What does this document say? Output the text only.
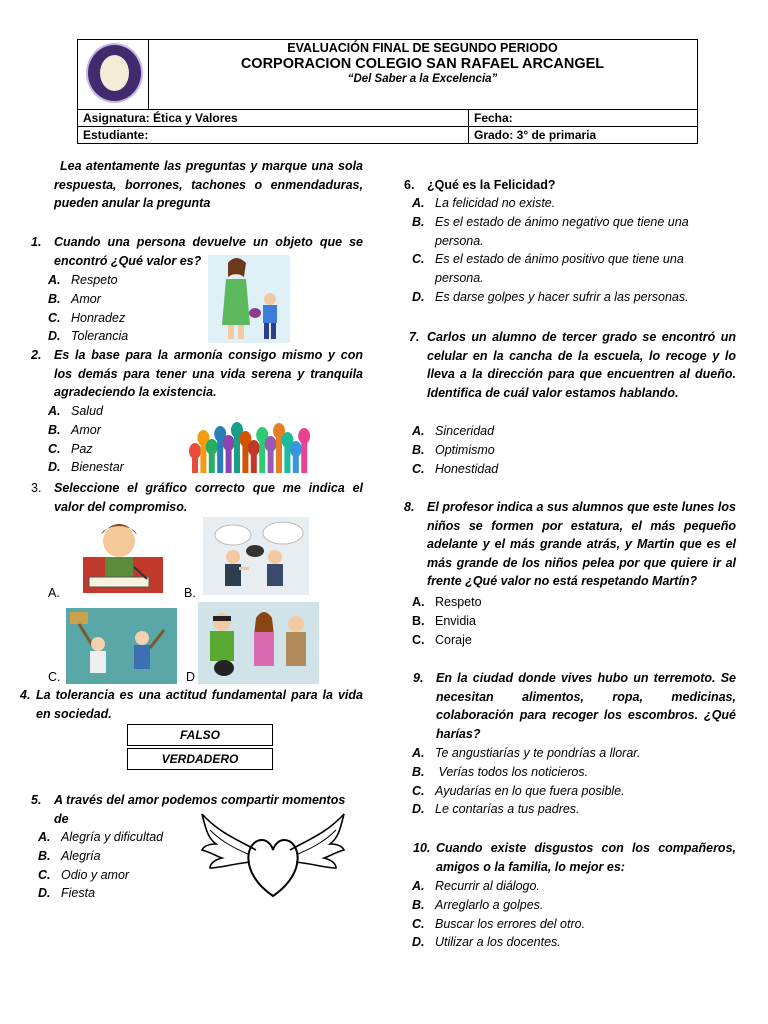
EVALUACIÓN FINAL DE SEGUNDO PERIODO
CORPORACION COLEGIO SAN RAFAEL ARCANGEL
“Del Saber a la Excelencia”
Asignatura: Ética y Valores	Fecha:
Estudiante:	Grado: 3° de primaria
Lea atentamente las preguntas y marque una sola respuesta, borrones, tachones o enmendaduras, pueden anular la pregunta
1. Cuando una persona devuelve un objeto que se encontró ¿Qué valor es?
A. Respeto
B. Amor
C. Honradez
D. Tolerancia
2. Es la base para la armonía consigo mismo y con los demás para tener una vida serena y tranquila agradeciendo la existencia.
A. Salud
B. Amor
C. Paz
D. Bienestar
3. Seleccione el gráfico correcto que me indica el valor del compromiso.
A.	B.
C.	D
4. La tolerancia es una actitud fundamental para la vida en sociedad.
FALSO
VERDADERO
5. A través del amor podemos compartir momentos de
A. Alegría y dificultad
B. Alegría
C. Odio y amor
D. Fiesta
6. ¿Qué es la Felicidad?
A. La felicidad no existe.
B. Es el estado de ánimo negativo que tiene una
persona.
C. Es el estado de ánimo positivo que tiene una
persona.
D. Es darse golpes y hacer sufrir a las personas.
7. Carlos un alumno de tercer grado se encontró un celular en la cancha de la escuela, lo recoge y lo lleva a la dirección para que encuentren al dueño. Identifica de cuál valor estamos hablando.
A. Sinceridad
B. Optimismo
C. Honestidad
8. El profesor indica a sus alumnos que este lunes los niños se formen por estatura, el más pequeño adelante y el más grande atrás, y Martin que es el más grande de los niños pelea por que quiere ir al frente ¿Qué valor no está respetando Martín?
A. Respeto
B. Envidia
C. Coraje
9. En la ciudad donde vives hubo un terremoto. Se necesitan alimentos, ropa, medicinas, colaboración para recoger los escombros. ¿Qué harías?
A. Te angustiarías y te pondrías a llorar.
B. Verías todos los noticieros.
C. Ayudarías en lo que fuera posible.
D. Le contarías a tus padres.
10. Cuando existe disgustos con los compañeros, amigos o la familia, lo mejor es:
A. Recurrir al diálogo.
B. Arreglarlo a golpes.
C. Buscar los errores del otro.
D. Utilizar a los docentes.
